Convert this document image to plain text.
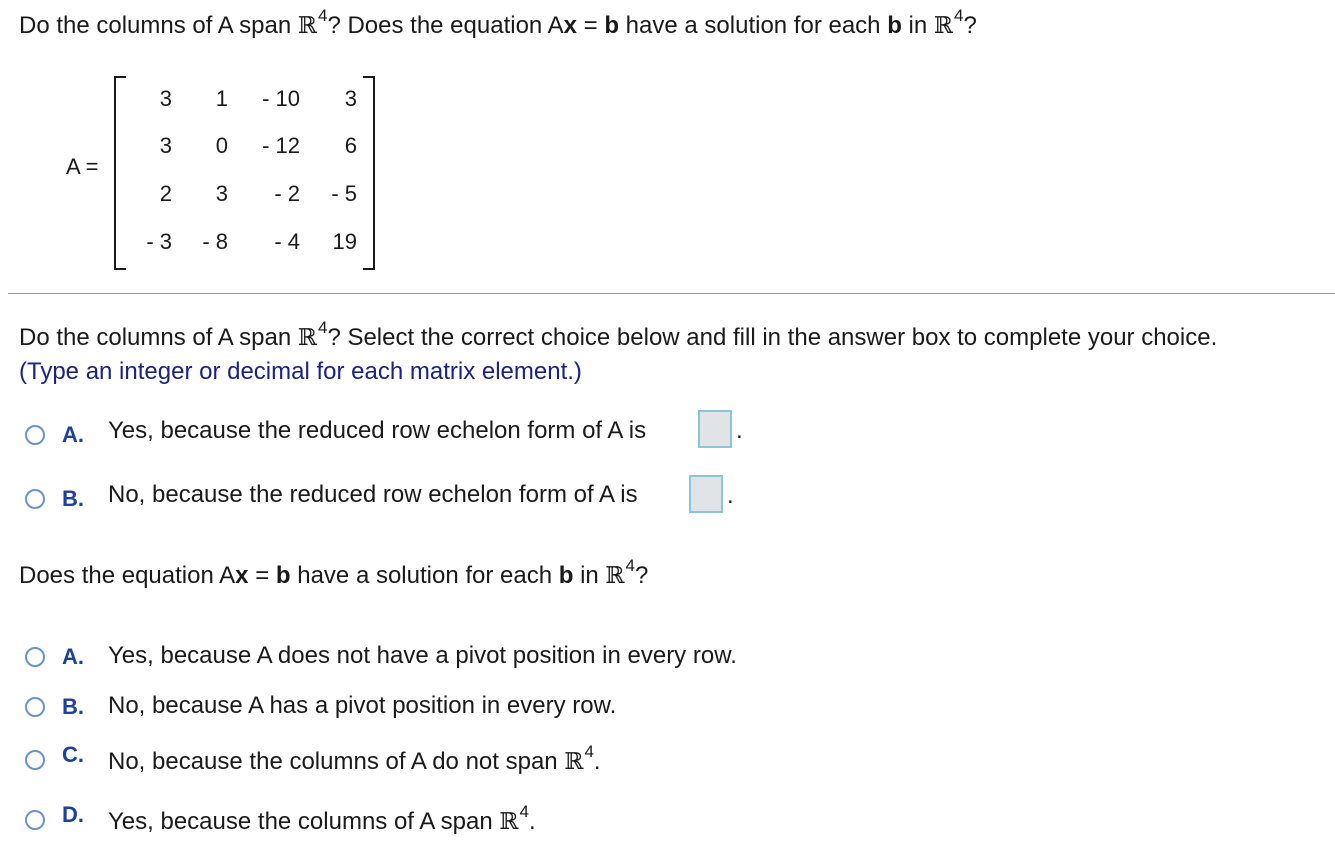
Do the columns of A span ℝ$^4$? Does the equation Ax = b have a solution for each b in ℝ$^4$?
A =
3	1	- 10	3
3	0	- 12	6
2	3	- 2	- 5
- 3	- 8	- 4	19
Do the columns of A span ℝ$^4$? Select the correct choice below and fill in the answer box to complete your choice.
(Type an integer or decimal for each matrix element.)
A. Yes, because the reduced row echelon form of A is	.
B. No, because the reduced row echelon form of A is	.
Does the equation Ax = b have a solution for each b in ℝ$^4$?
A. Yes, because A does not have a pivot position in every row.
B. No, because A has a pivot position in every row.
C. No, because the columns of A do not span ℝ$^4$.
D. Yes, because the columns of A span ℝ$^4$.
